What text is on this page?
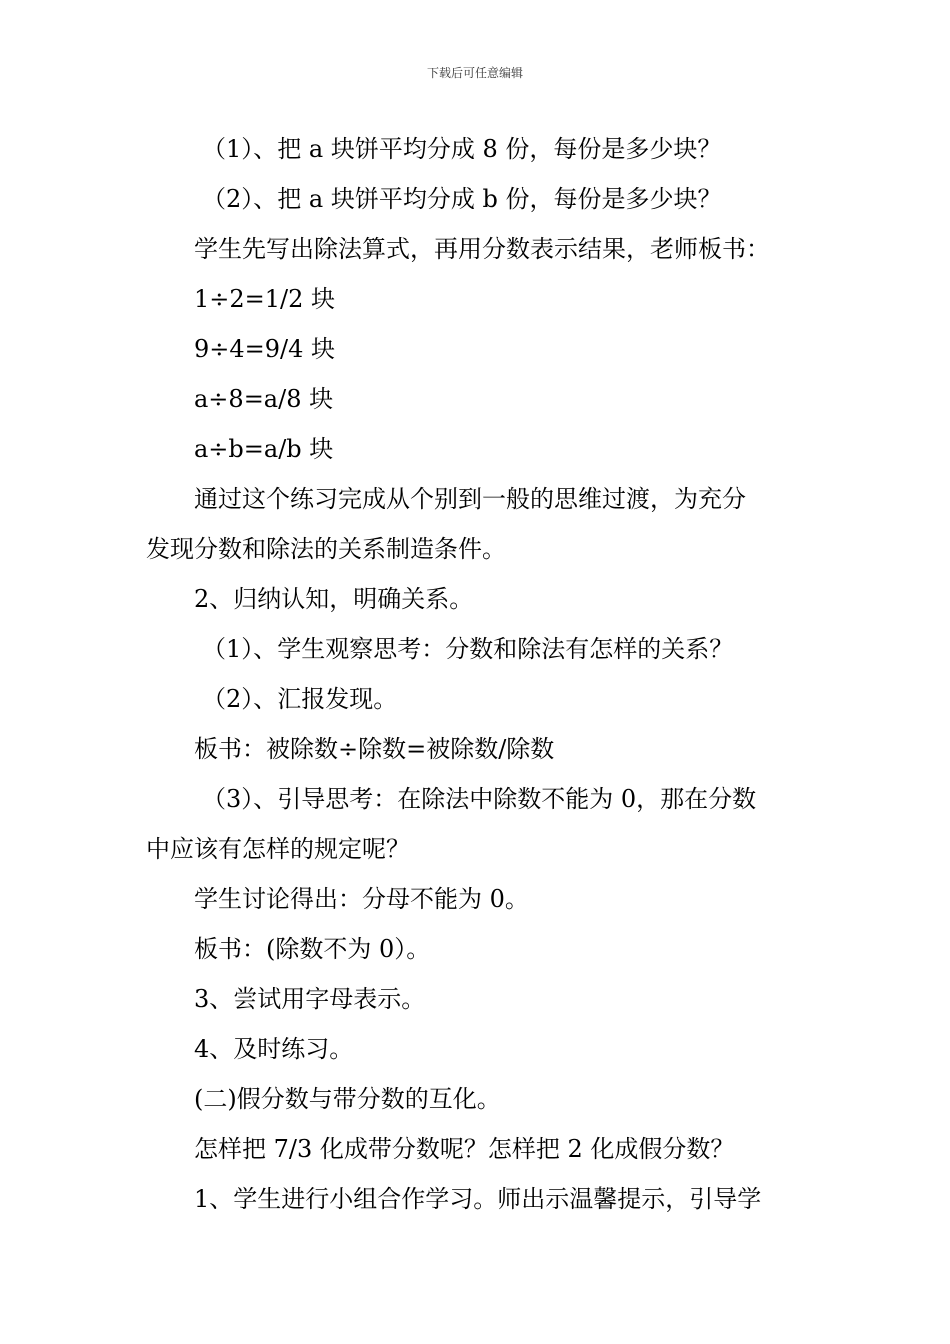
下载后可任意编辑
（1）、把 a 块饼平均分成 8 份，每份是多少块？
（2）、把 a 块饼平均分成 b 份，每份是多少块？
学生先写出除法算式，再用分数表示结果，老师板书：
1÷2=1/2 块
9÷4=9/4 块
a÷8=a/8 块
a÷b=a/b 块
通过这个练习完成从个别到一般的思维过渡，为充分
发现分数和除法的关系制造条件。
2、归纳认知，明确关系。
（1）、学生观察思考：分数和除法有怎样的关系？
（2）、汇报发现。
板书：被除数÷除数=被除数/除数
（3）、引导思考：在除法中除数不能为 0，那在分数
中应该有怎样的规定呢？
学生讨论得出：分母不能为 0。
板书：(除数不为 0）。
3、尝试用字母表示。
4、及时练习。
(二)假分数与带分数的互化。
怎样把 7/3 化成带分数呢？怎样把 2 化成假分数？
1、学生进行小组合作学习。师出示温馨提示，引导学
